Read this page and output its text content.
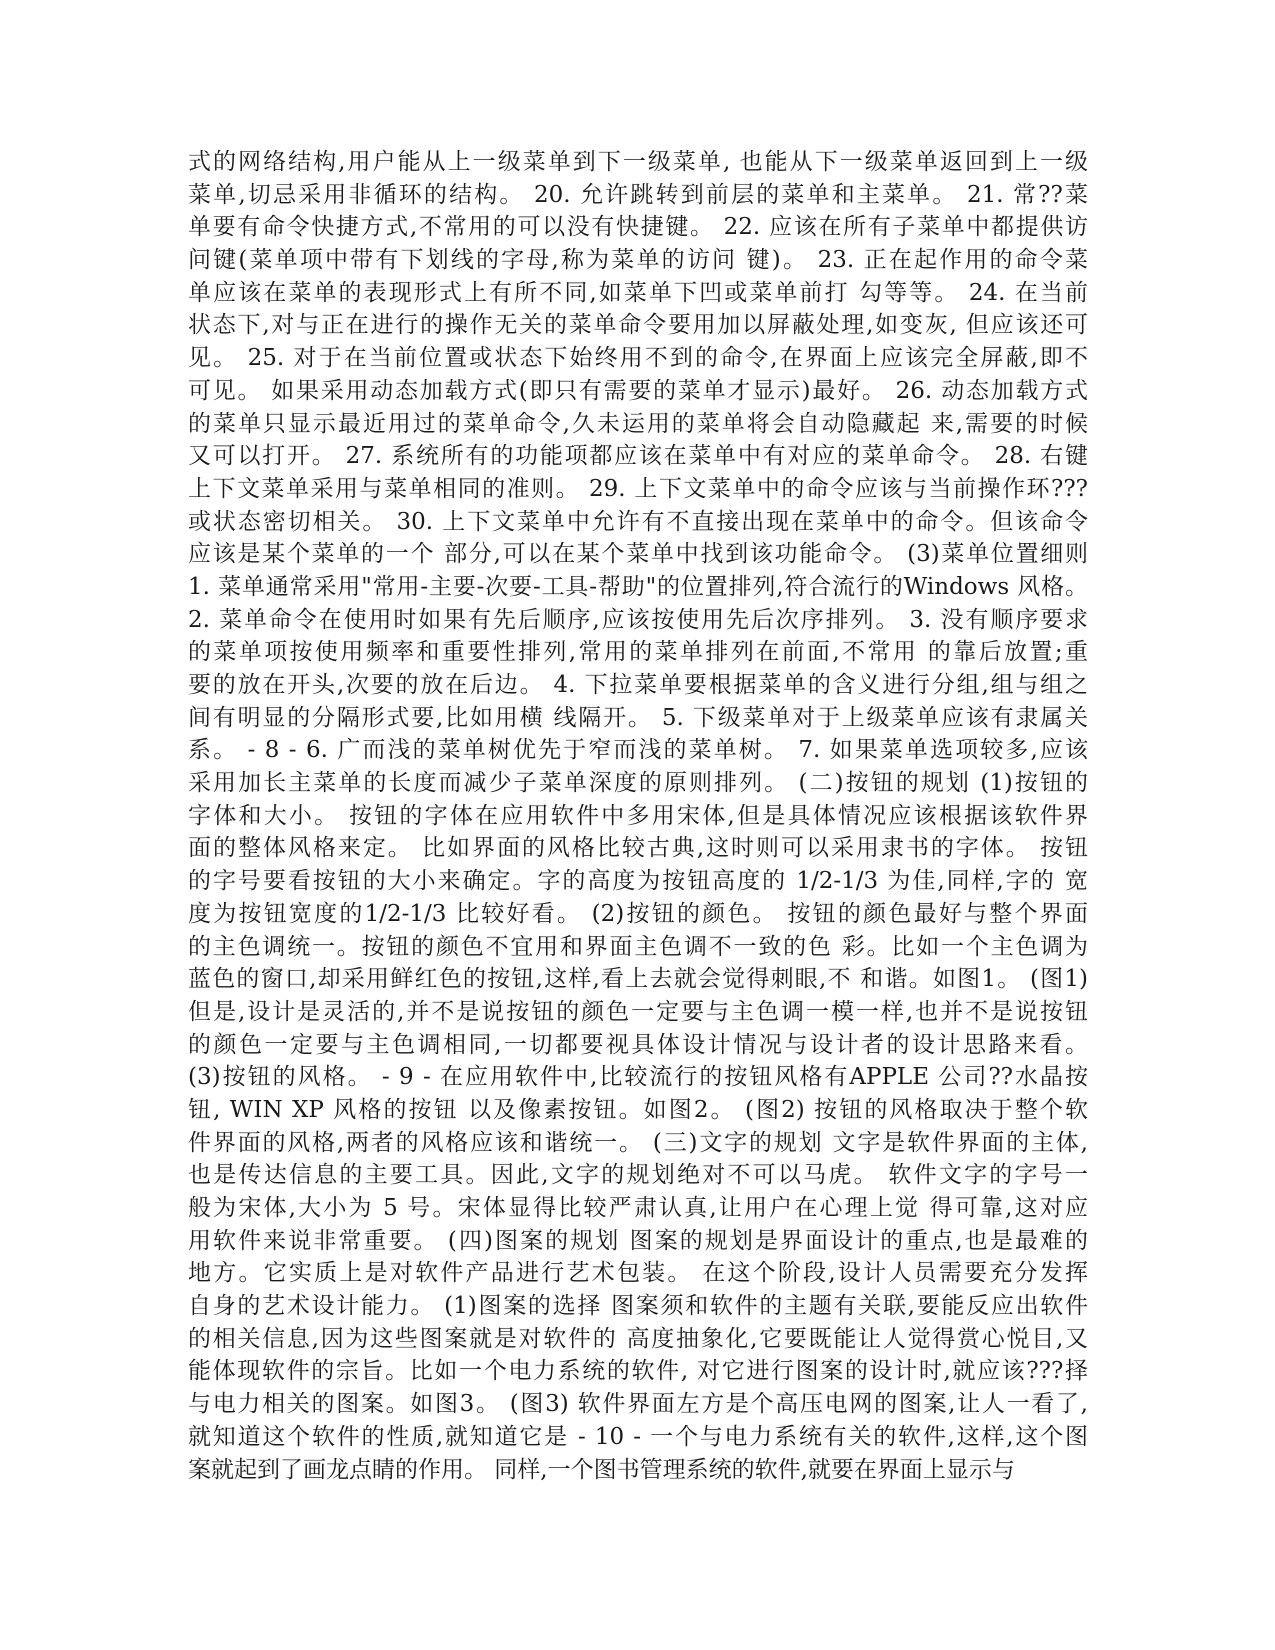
式的网络结构,用户能从上一级菜单到下一级菜单, 也能从下一级菜单返回到上一级
菜单,切忌采用非循环的结构。 20. 允许跳转到前层的菜单和主菜单。 21. 常??菜
单要有命令快捷方式,不常用的可以没有快捷键。 22. 应该在所有子菜单中都提供访
问键(菜单项中带有下划线的字母,称为菜单的访问 键)。 23. 正在起作用的命令菜
单应该在菜单的表现形式上有所不同,如菜单下凹或菜单前打 勾等等。 24. 在当前
状态下,对与正在进行的操作无关的菜单命令要用加以屏蔽处理,如变灰, 但应该还可
见。 25. 对于在当前位置或状态下始终用不到的命令,在界面上应该完全屏蔽,即不
可见。 如果采用动态加载方式(即只有需要的菜单才显示)最好。 26. 动态加载方式
的菜单只显示最近用过的菜单命令,久未运用的菜单将会自动隐藏起 来,需要的时候
又可以打开。 27. 系统所有的功能项都应该在菜单中有对应的菜单命令。 28. 右键
上下文菜单采用与菜单相同的准则。 29. 上下文菜单中的命令应该与当前操作环???
或状态密切相关。 30. 上下文菜单中允许有不直接出现在菜单中的命令。但该命令
应该是某个菜单的一个 部分,可以在某个菜单中找到该功能命令。 (3)菜单位置细则
1. 菜单通常采用"常用-主要-次要-工具-帮助"的位置排列,符合流行的Windows 风格。
2. 菜单命令在使用时如果有先后顺序,应该按使用先后次序排列。 3. 没有顺序要求
的菜单项按使用频率和重要性排列,常用的菜单排列在前面,不常用 的靠后放置;重
要的放在开头,次要的放在后边。 4. 下拉菜单要根据菜单的含义进行分组,组与组之
间有明显的分隔形式要,比如用横 线隔开。 5. 下级菜单对于上级菜单应该有隶属关
系。 - 8 - 6. 广而浅的菜单树优先于窄而浅的菜单树。 7. 如果菜单选项较多,应该
采用加长主菜单的长度而减少子菜单深度的原则排列。 (二)按钮的规划 (1)按钮的
字体和大小。 按钮的字体在应用软件中多用宋体,但是具体情况应该根据该软件界
面的整体风格来定。 比如界面的风格比较古典,这时则可以采用隶书的字体。 按钮
的字号要看按钮的大小来确定。字的高度为按钮高度的 1/2-1/3 为佳,同样,字的 宽
度为按钮宽度的1/2-1/3 比较好看。 (2)按钮的颜色。 按钮的颜色最好与整个界面
的主色调统一。按钮的颜色不宜用和界面主色调不一致的色 彩。比如一个主色调为
蓝色的窗口,却采用鲜红色的按钮,这样,看上去就会觉得刺眼,不 和谐。如图1。 (图1)
但是,设计是灵活的,并不是说按钮的颜色一定要与主色调一模一样,也并不是说按钮
的颜色一定要与主色调相同,一切都要视具体设计情况与设计者的设计思路来看。
(3)按钮的风格。 - 9 - 在应用软件中,比较流行的按钮风格有APPLE 公司??水晶按
钮, WIN XP 风格的按钮 以及像素按钮。如图2。 (图2) 按钮的风格取决于整个软
件界面的风格,两者的风格应该和谐统一。 (三)文字的规划 文字是软件界面的主体,
也是传达信息的主要工具。因此,文字的规划绝对不可以马虎。 软件文字的字号一
般为宋体,大小为 5 号。宋体显得比较严肃认真,让用户在心理上觉 得可靠,这对应
用软件来说非常重要。 (四)图案的规划 图案的规划是界面设计的重点,也是最难的
地方。它实质上是对软件产品进行艺术包装。 在这个阶段,设计人员需要充分发挥
自身的艺术设计能力。 (1)图案的选择 图案须和软件的主题有关联,要能反应出软件
的相关信息,因为这些图案就是对软件的 高度抽象化,它要既能让人觉得赏心悦目,又
能体现软件的宗旨。比如一个电力系统的软件, 对它进行图案的设计时,就应该???择
与电力相关的图案。如图3。 (图3) 软件界面左方是个高压电网的图案,让人一看了,
就知道这个软件的性质,就知道它是 - 10 - 一个与电力系统有关的软件,这样,这个图
案就起到了画龙点睛的作用。 同样,一个图书管理系统的软件,就要在界面上显示与
